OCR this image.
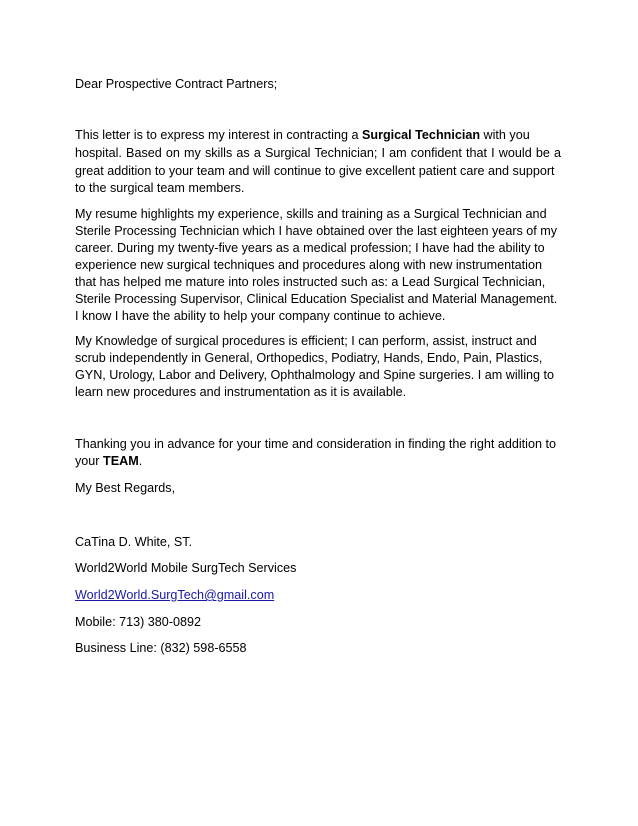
Dear Prospective Contract Partners;
This letter is to express my interest in contracting a Surgical Technician with you
hospital. Based on my skills as a Surgical Technician; I am confident that I would be a
great addition to your team and will continue to give excellent patient care and support
to the surgical team members.
My resume highlights my experience, skills and training as a Surgical Technician and
Sterile Processing Technician which I have obtained over the last eighteen years of my
career. During my twenty-five years as a medical profession; I have had the ability to
experience new surgical techniques and procedures along with new instrumentation
that has helped me mature into roles instructed such as: a Lead Surgical Technician,
Sterile Processing Supervisor, Clinical Education Specialist and Material Management.
I know I have the ability to help your company continue to achieve.
My Knowledge of surgical procedures is efficient; I can perform, assist, instruct and
scrub independently in General, Orthopedics, Podiatry, Hands, Endo, Pain, Plastics,
GYN, Urology, Labor and Delivery, Ophthalmology and Spine surgeries. I am willing to
learn new procedures and instrumentation as it is available.
Thanking you in advance for your time and consideration in finding the right addition to
your TEAM.
My Best Regards,
CaTina D. White, ST.
World2World Mobile SurgTech Services
World2World.SurgTech@gmail.com
Mobile: 713) 380-0892
Business Line: (832) 598-6558
